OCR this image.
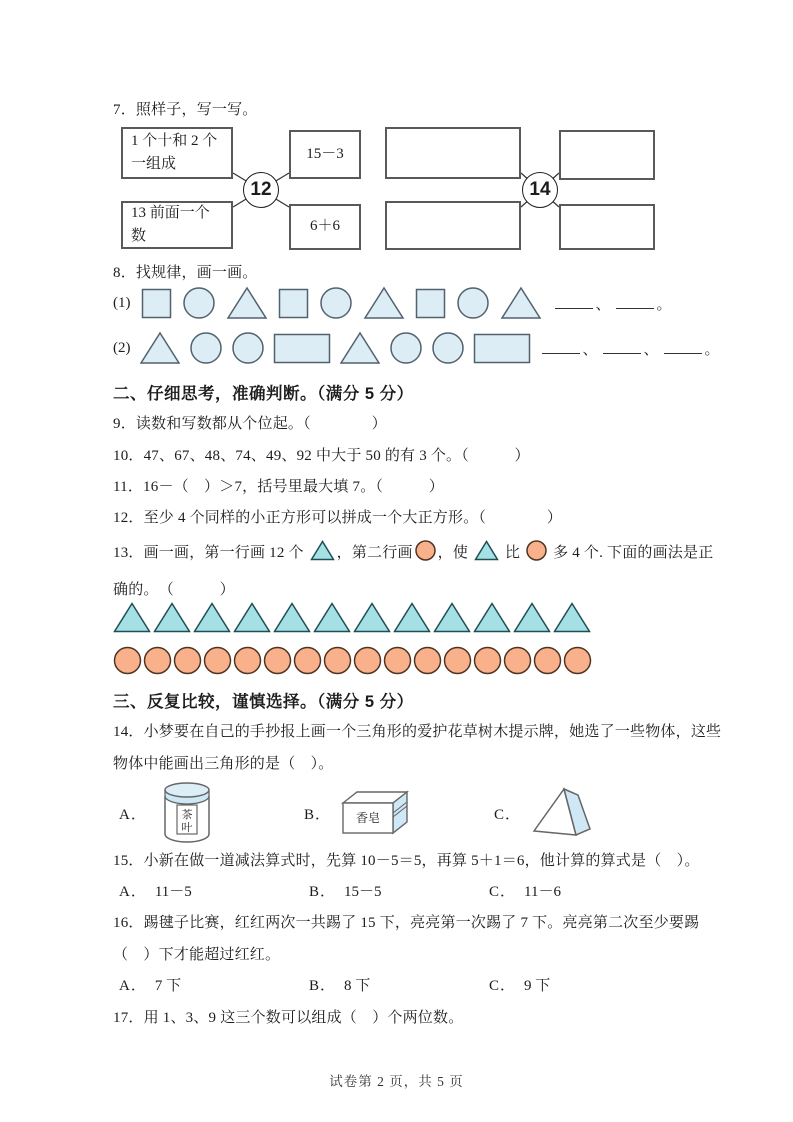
7．照样子，写一写。
1 个十和 2 个一组成
13 前面一个数
15－3
6＋6
12	14
8．找规律，画一画。
(1)	、	。
(2)	、	、	。
二、仔细思考，准确判断。（满分 5 分）
9．读数和写数都从个位起。（　　　　）
10．47、67、48、74、49、92 中大于 50 的有 3 个。（　　　）
11．16－（　）＞7，括号里最大填 7。（　　　）
12．至少 4 个同样的小正方形可以拼成一个大正方形。（　　　　）
13．画一画，第一行画 12 个 ，第二行画 ，使  比  多 4 个. 下面的画法是正
确的。　（　　　）
三、反复比较，谨慎选择。（满分 5 分）
14．小梦要在自己的手抄报上画一个三角形的爱护花草树木提示牌，她选了一些物体，这些
物体中能画出三角形的是（　）。
A．	茶
叶
B． 香皂	C．
15．小新在做一道减法算式时，先算 10－5＝5，再算 5＋1＝6，他计算的算式是（　）。
A． 11－5	B． 15－5	C． 11－6
16．踢毽子比赛，红红两次一共踢了 15 下，亮亮第一次踢了 7 下。亮亮第二次至少要踢
（　）下才能超过红红。
A． 7 下	B． 8 下	C． 9 下
17．用 1、3、9 这三个数可以组成（　）个两位数。
试卷第 2 页，共 5 页
